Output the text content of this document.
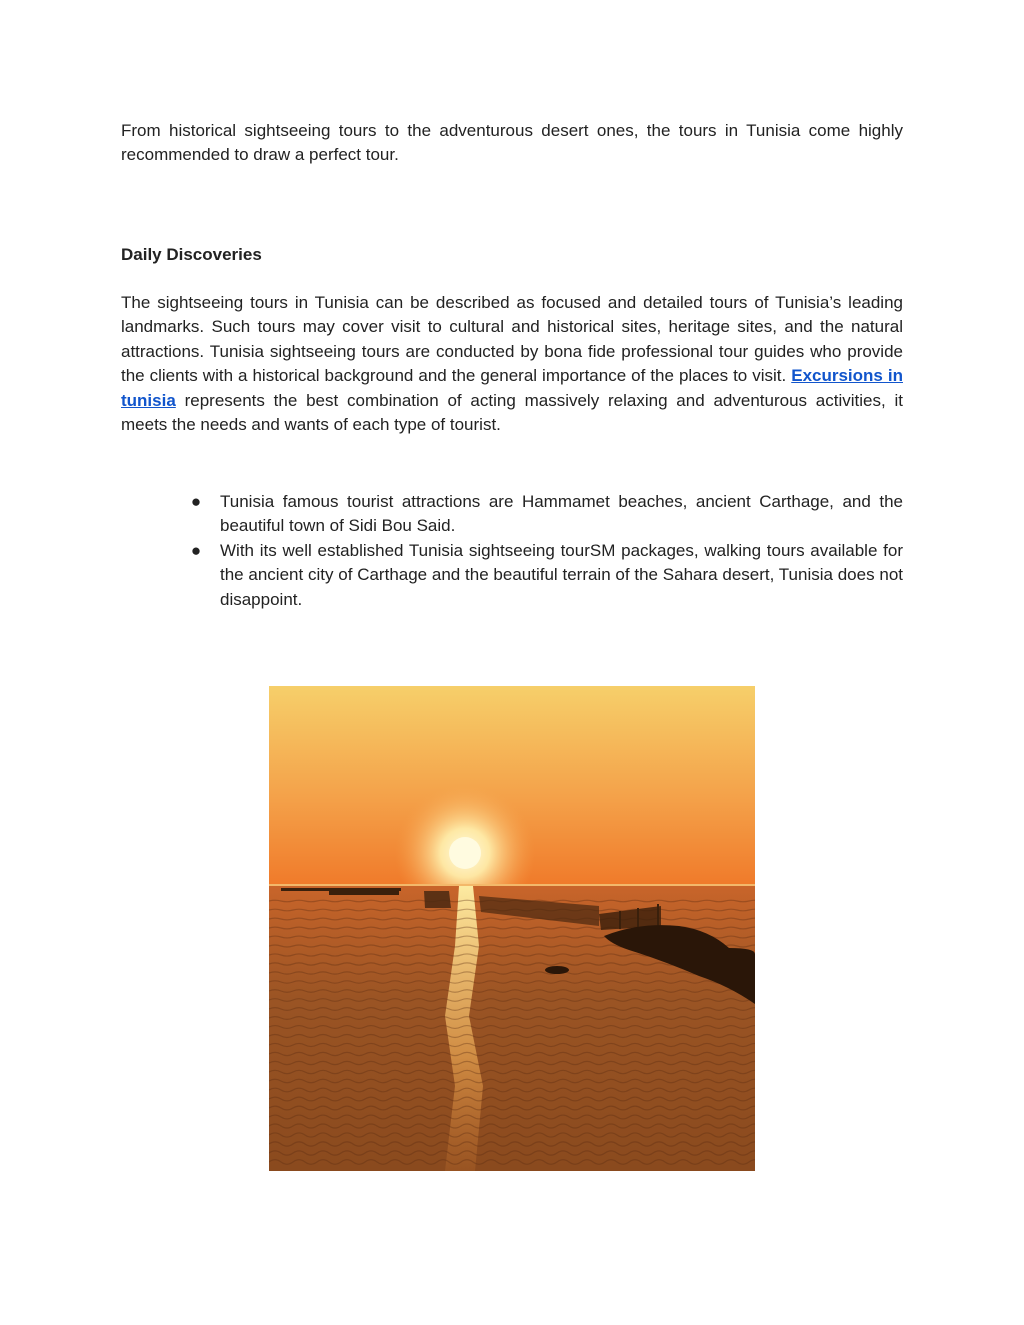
From historical sightseeing tours to the adventurous desert ones, the tours in Tunisia come highly recommended to draw a perfect tour.

Daily Discoveries

The sightseeing tours in Tunisia can be described as focused and detailed tours of Tunisia’s leading landmarks. Such tours may cover visit to cultural and historical sites, heritage sites, and the natural attractions. Tunisia sightseeing tours are conducted by bona fide professional tour guides who provide the clients with a historical background and the general importance of the places to visit. Excursions in tunisia represents the best combination of acting massively relaxing and adventurous activities, it meets the needs and wants of each type of tourist.

● Tunisia famous tourist attractions are Hammamet beaches, ancient Carthage, and the beautiful town of Sidi Bou Said.
● With its well established Tunisia sightseeing tourSM packages, walking tours available for the ancient city of Carthage and the beautiful terrain of the Sahara desert, Tunisia does not disappoint.
